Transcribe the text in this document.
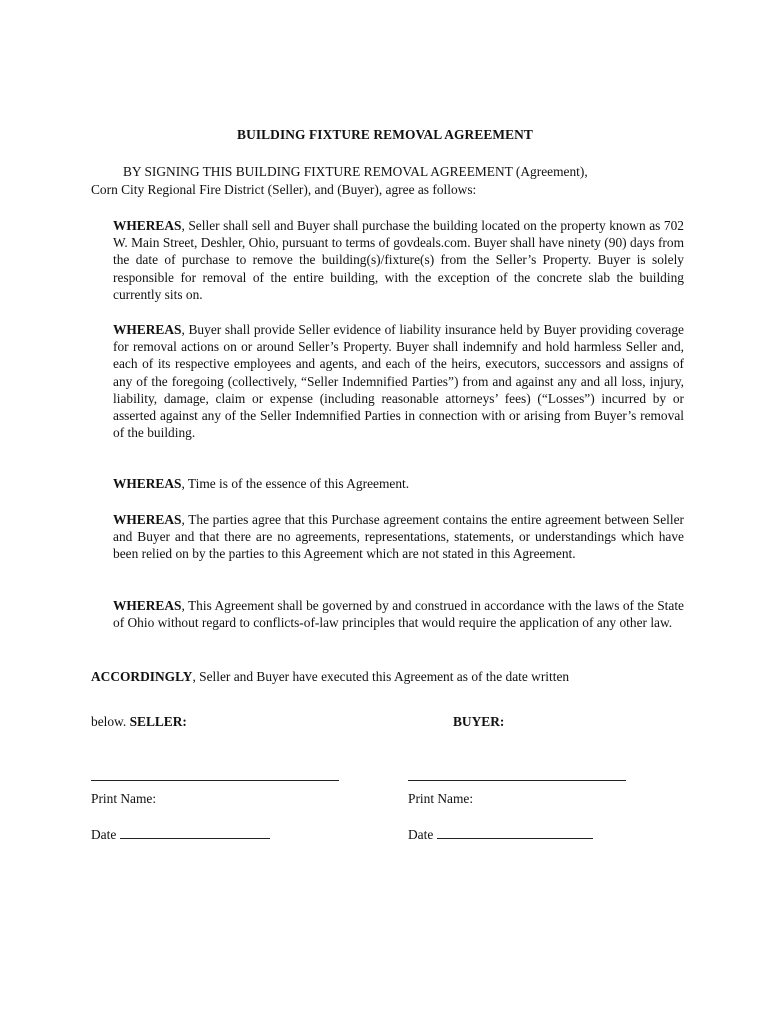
BUILDING FIXTURE REMOVAL AGREEMENT
BY SIGNING THIS BUILDING FIXTURE REMOVAL AGREEMENT (Agreement),
Corn City Regional Fire District (Seller), and (Buyer), agree as follows:
WHEREAS, Seller shall sell and Buyer shall purchase the building located on the property known as 702 W. Main Street, Deshler, Ohio, pursuant to terms of govdeals.com. Buyer shall have ninety (90) days from the date of purchase to remove the building(s)/fixture(s) from the Seller’s Property. Buyer is solely responsible for removal of the entire building, with the exception of the concrete slab the building currently sits on.
WHEREAS, Buyer shall provide Seller evidence of liability insurance held by Buyer providing coverage for removal actions on or around Seller’s Property. Buyer shall indemnify and hold harmless Seller and, each of its respective employees and agents, and each of the heirs, executors, successors and assigns of any of the foregoing (collectively, “Seller Indemnified Parties”) from and against any and all loss, injury, liability, damage, claim or expense (including reasonable attorneys’ fees) (“Losses”) incurred by or asserted against any of the Seller Indemnified Parties in connection with or arising from Buyer’s removal of the building.
WHEREAS, Time is of the essence of this Agreement.
WHEREAS, The parties agree that this Purchase agreement contains the entire agreement between Seller and Buyer and that there are no agreements, representations, statements, or understandings which have been relied on by the parties to this Agreement which are not stated in this Agreement.
WHEREAS, This Agreement shall be governed by and construed in accordance with the laws of the State of Ohio without regard to conflicts-of-law principles that would require the application of any other law.
ACCORDINGLY, Seller and Buyer have executed this Agreement as of the date written
below. SELLER:	BUYER:
Print Name:	Print Name:
Date	Date
